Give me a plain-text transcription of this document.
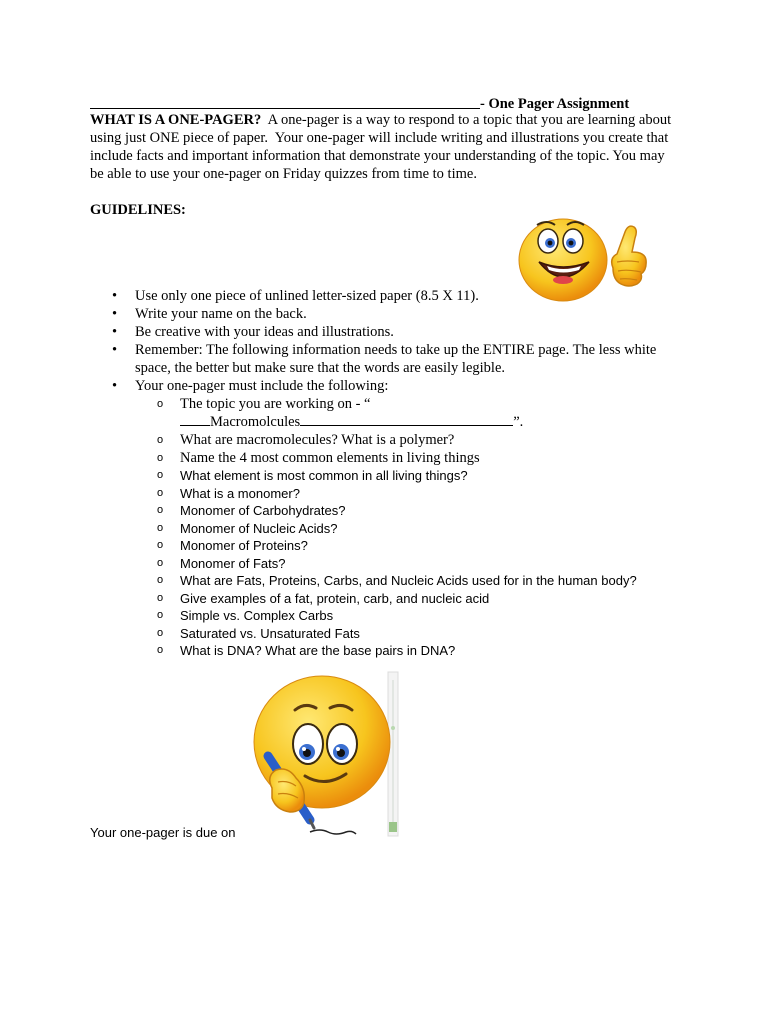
- One Pager Assignment
WHAT IS A ONE-PAGER?  A one-pager is a way to respond to a topic that you are learning about using just ONE piece of paper.  Your one-pager will include writing and illustrations you create that include facts and important information that demonstrate your understanding of the topic. You may be able to use your one-pager on Friday quizzes from time to time.
GUIDELINES:
• Use only one piece of unlined letter-sized paper (8.5 X 11).
• Write your name on the back.
• Be creative with your ideas and illustrations.
• Remember: The following information needs to take up the ENTIRE page. The less white space, the better but make sure that the words are easily legible.
• Your one-pager must include the following:
o The topic you are working on - “
Macromolcules	”.
o What are macromolecules? What is a polymer?
o Name the 4 most common elements in living things
o What element is most common in all living things?
o What is a monomer?
o Monomer of Carbohydrates?
o Monomer of Nucleic Acids?
o Monomer of Proteins?
o Monomer of Fats?
o What are Fats, Proteins, Carbs, and Nucleic Acids used for in the human body?
o Give examples of a fat, protein, carb, and nucleic acid
o Simple vs. Complex Carbs
o Saturated vs. Unsaturated Fats
o What is DNA? What are the base pairs in DNA?
Your one-pager is due on
